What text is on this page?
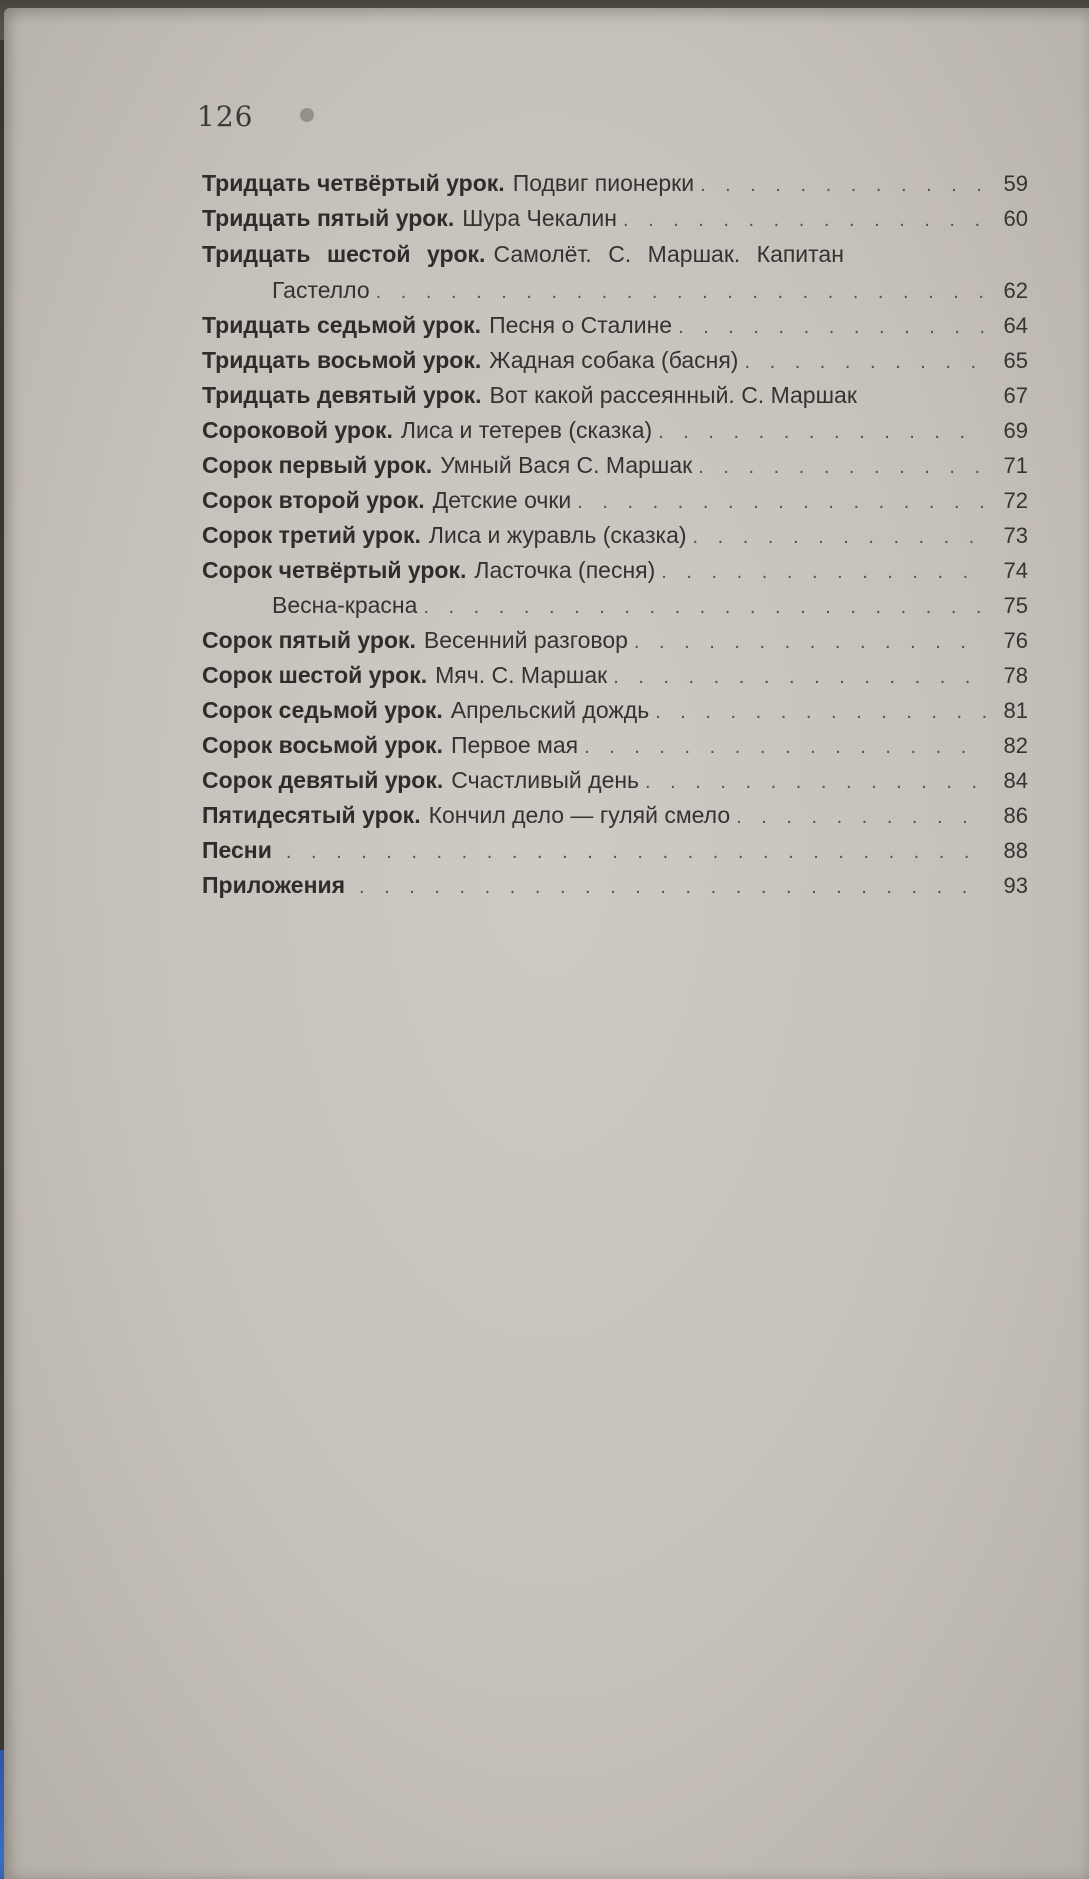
126
Тридцать четвёртый урок. Подвиг пионерки . . .	59
Тридцать пятый урок. Шура Чекалин . . .	60
Тридцать шестой урок. Самолёт. С. Маршак. Капитан
Гастелло . . .	62
Тридцать седьмой урок. Песня о Сталине . . .	64
Тридцать восьмой урок. Жадная собака (басня) . . .	65
Тридцать девятый урок. Вот какой рассеянный. С. Маршак	67
Сороковой урок. Лиса и тетерев (сказка) . . .	69
Сорок первый урок. Умный Вася С. Маршак . . .	71
Сорок второй урок. Детские очки . . .	72
Сорок третий урок. Лиса и журавль (сказка) . . .	73
Сорок четвёртый урок. Ласточка (песня) . . .	74
Весна-красна . . .	75
Сорок пятый урок. Весенний разговор . . .	76
Сорок шестой урок. Мяч. С. Маршак . . .	78
Сорок седьмой урок. Апрельский дождь . . .	81
Сорок восьмой урок. Первое мая . . .	82
Сорок девятый урок. Счастливый день . . .	84
Пятидесятый урок. Кончил дело — гуляй смело . . .	86
Песни . . .	88
Приложения . . .	93
